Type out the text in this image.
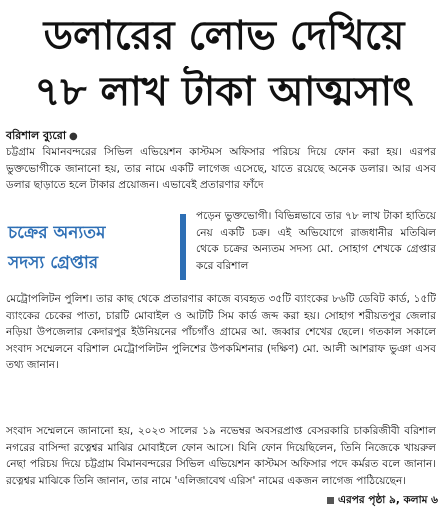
ডলারের লোভ দেখিয়ে
৭৮ লাখ টাকা আত্মসাৎ
বরিশাল ব্যুরো ●
চট্টগ্রাম বিমানবন্দরের সিভিল এভিয়েশন কাস্টমস অফিসার পরিচয় দিয়ে ফোন করা হয়। এরপর ভুক্তভোগীকে জানানো হয়, তার নামে একটি লাগেজ এসেছে, যাতে রয়েছে অনেক ডলার। আর এসব ডলার ছাড়াতে হলে টাকার প্রয়োজন। এভাবেই প্রতারণার ফাঁদে
চক্রের অন্যতম
সদস্য গ্রেপ্তার
পড়েন ভুক্তভোগী। বিভিন্নভাবে তার ৭৮ লাখ টাকা হাতিয়ে নেয় একটি চক্র। এই অভিযোগে রাজধানীর মতিঝিল থেকে চক্রের অন্যতম সদস্য মো. সোহাগ শেখকে গ্রেপ্তার করে বরিশাল
মেট্রোপলিটন পুলিশ। তার কাছ থেকে প্রতারণার কাজে ব্যবহৃত ৩৫টি ব্যাংকের ৮৬টি ডেবিট কার্ড, ১৫টি ব্যাংকের চেকের পাতা, চারটি মোবাইল ও আটটি সিম কার্ড জব্দ করা হয়। সোহাগ শরীয়তপুর জেলার নড়িয়া উপজেলার কেদারপুর ইউনিয়নের পাঁচগাঁও গ্রামের আ. জব্বার শেখের ছেলে। গতকাল সকালে সংবাদ সম্মেলনে বরিশাল মেট্রোপলিটন পুলিশের উপকমিশনার (দক্ষিণ) মো. আলী আশরাফ ভুঞা এসব তথ্য জানান।
সংবাদ সম্মেলনে জানানো হয়, ২০২৩ সালের ১৯ নভেম্বর অবসরপ্রাপ্ত বেসরকারি চাকরিজীবী বরিশাল নগরের বাসিন্দা রত্নেশ্বর মাঝির মোবাইলে ফোন আসে। যিনি ফোন দিয়েছিলেন, তিনি নিজেকে খায়রুল নেছা পরিচয় দিয়ে চট্টগ্রাম বিমানবন্দরের সিভিল এভিয়েশন কাস্টমস অফিসার পদে কর্মরত বলে জানান। রত্নেশ্বর মাঝিকে তিনি জানান, তার নামে 'এলিজাবেথ এরিস' নামের একজন লাগেজ পাঠিয়েছেন।
এরপর পৃষ্ঠা ৯, কলাম ৬
